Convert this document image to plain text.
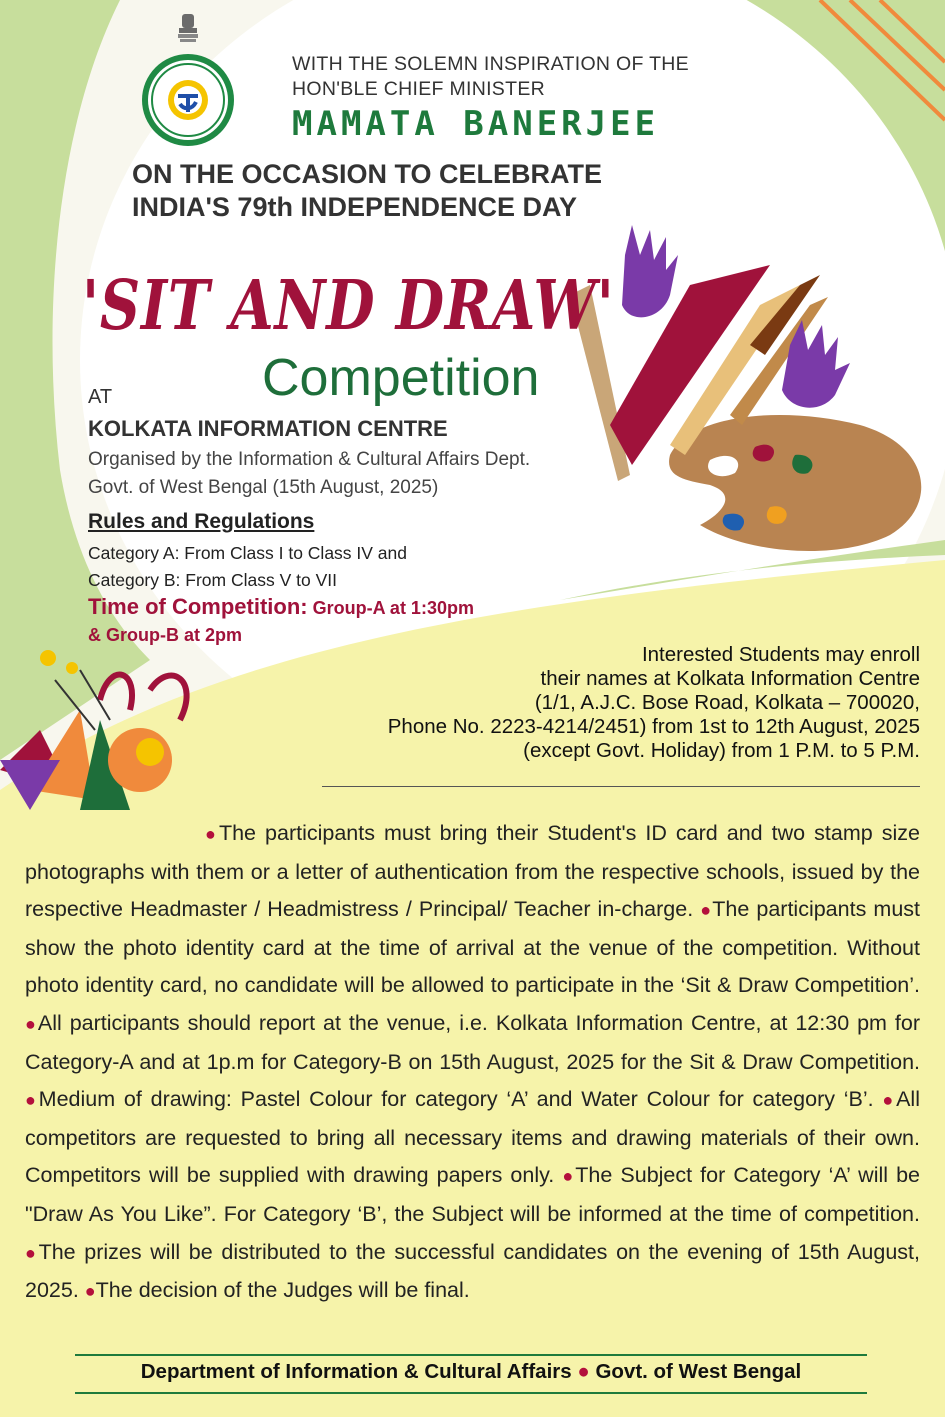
WITH THE SOLEMN INSPIRATION OF THE
HON'BLE CHIEF MINISTER
MAMATA BANERJEE
ON THE OCCASION TO CELEBRATE
INDIA'S 79th INDEPENDENCE DAY
'SIT AND DRAW'
Competition
AT
KOLKATA INFORMATION CENTRE
Organised by the Information & Cultural Affairs Dept.
Govt. of West Bengal (15th August, 2025)
Rules and Regulations
Category A: From Class I to Class IV and
Category B: From Class V to VII
Time of Competition: Group-A at 1:30pm
& Group-B at 2pm
Interested Students may enroll
their names at Kolkata Information Centre
(1/1, A.J.C. Bose Road, Kolkata – 700020,
Phone No. 2223-4214/2451) from 1st to 12th August, 2025
(except Govt. Holiday) from 1 P.M. to 5 P.M.
●The participants must bring their Student's ID card and two stamp size photographs with them or a letter of authentication from the respective schools, issued by the respective Headmaster / Headmistress / Principal/ Teacher in-charge. ●The participants must show the photo identity card at the time of arrival at the venue of the competition. Without photo identity card, no candidate will be allowed to participate in the ‘Sit & Draw Competition’. ●All participants should report at the venue, i.e. Kolkata Information Centre, at 12:30 pm for Category-A and at 1p.m for Category-B on 15th August, 2025 for the Sit & Draw Competition. ●Medium of drawing: Pastel Colour for category ‘A’ and Water Colour for category ‘B’. ●All competitors are requested to bring all necessary items and drawing materials of their own. Competitors will be supplied with drawing papers only. ●The Subject for Category ‘A’ will be "Draw As You Like”. For Category ‘B’, the Subject will be informed at the time of competition. ●The prizes will be distributed to the successful candidates on the evening of 15th August, 2025. ●The decision of the Judges will be final.
Department of Information & Cultural Affairs ● Govt. of West Bengal
